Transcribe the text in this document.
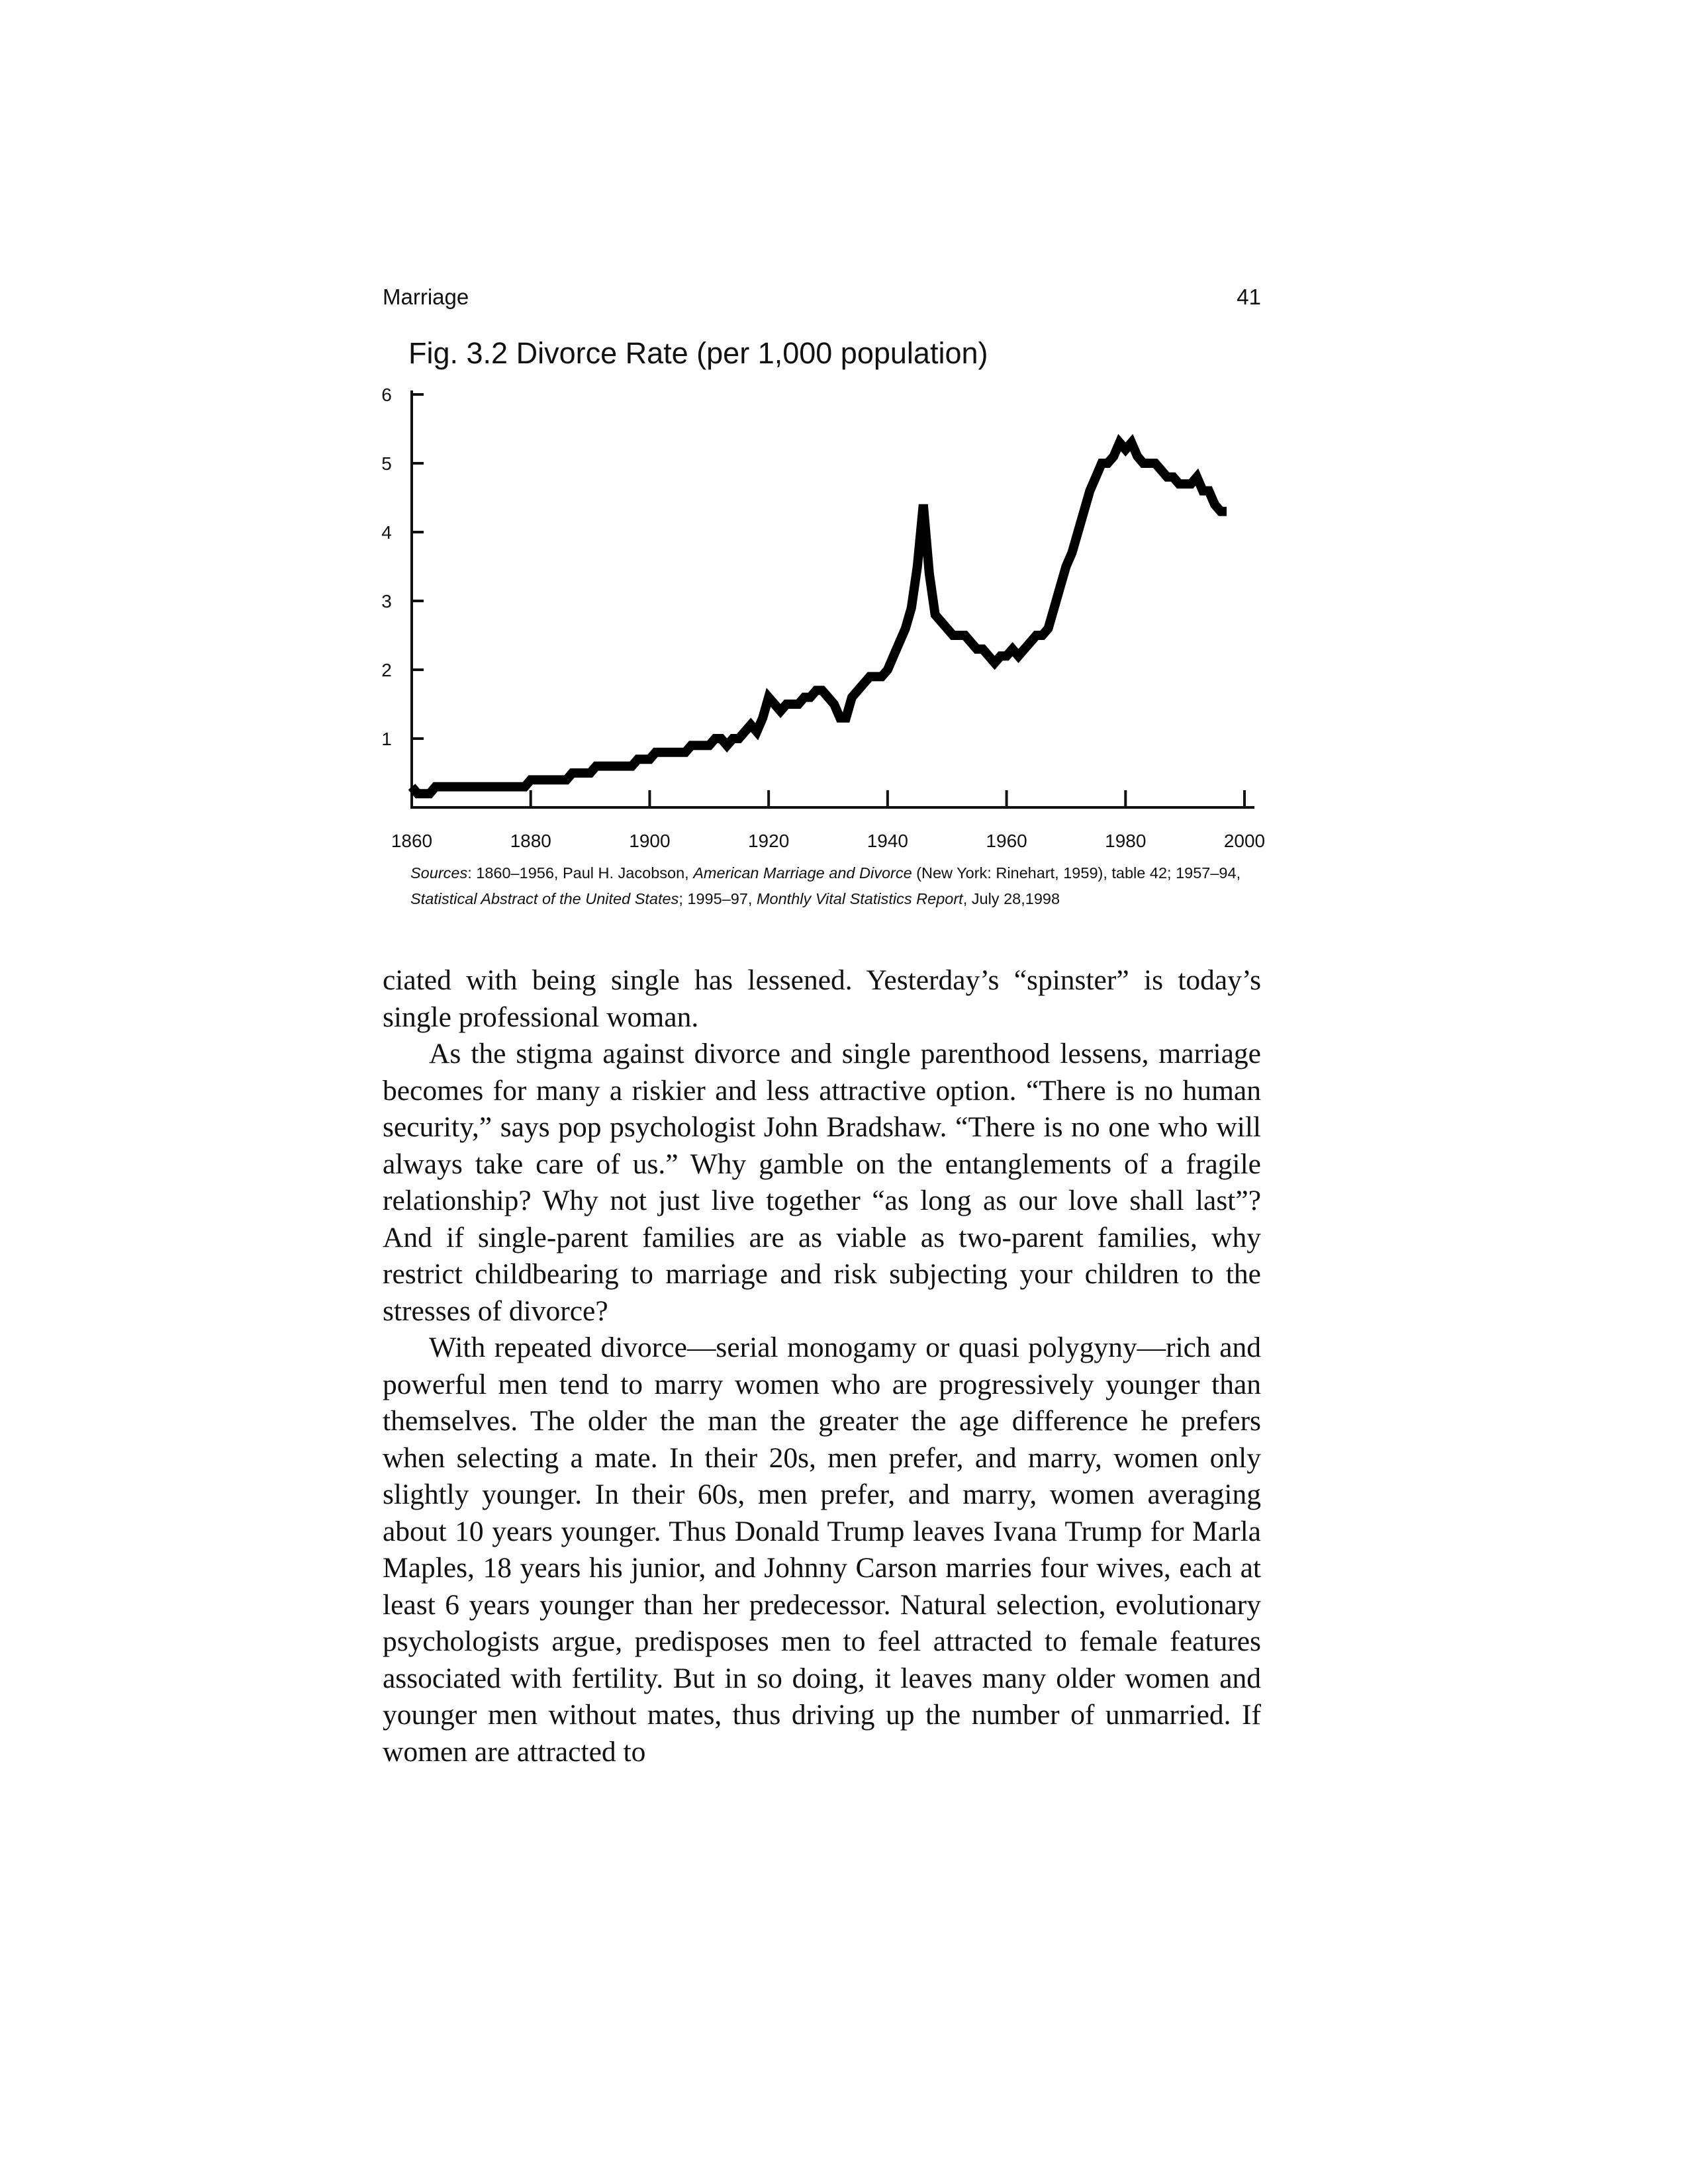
Marriage	41
Fig. 3.2 Divorce Rate (per 1,000 population)
1
2
3
4
5
6
1860	1880	1900	1920	1940	1960	1980	2000
Sources: 1860–1956, Paul H. Jacobson, American Marriage and Divorce (New York: Rinehart, 1959), table 42; 1957–94,
Statistical Abstract of the United States; 1995–97, Monthly Vital Statistics Report, July 28,1998

ciated with being single has lessened. Yesterday’s “spinster” is today’s single professional woman.

As the stigma against divorce and single parenthood lessens, marriage becomes for many a riskier and less attractive option. “There is no human security,” says pop psychologist John Bradshaw. “There is no one who will always take care of us.” Why gamble on the entanglements of a fragile relationship? Why not just live together “as long as our love shall last”? And if single-parent families are as viable as two-parent families, why restrict childbearing to marriage and risk subjecting your children to the stresses of divorce?

With repeated divorce—serial monogamy or quasi polygyny—rich and powerful men tend to marry women who are progressively younger than themselves. The older the man the greater the age difference he prefers when selecting a mate. In their 20s, men prefer, and marry, women only slightly younger. In their 60s, men prefer, and marry, women averaging about 10 years younger. Thus Donald Trump leaves Ivana Trump for Marla Maples, 18 years his junior, and Johnny Carson marries four wives, each at least 6 years younger than her predecessor. Natural selection, evolutionary psychologists argue, predisposes men to feel attracted to female features associated with fertility. But in so doing, it leaves many older women and younger men without mates, thus driving up the number of unmarried. If women are attracted to
